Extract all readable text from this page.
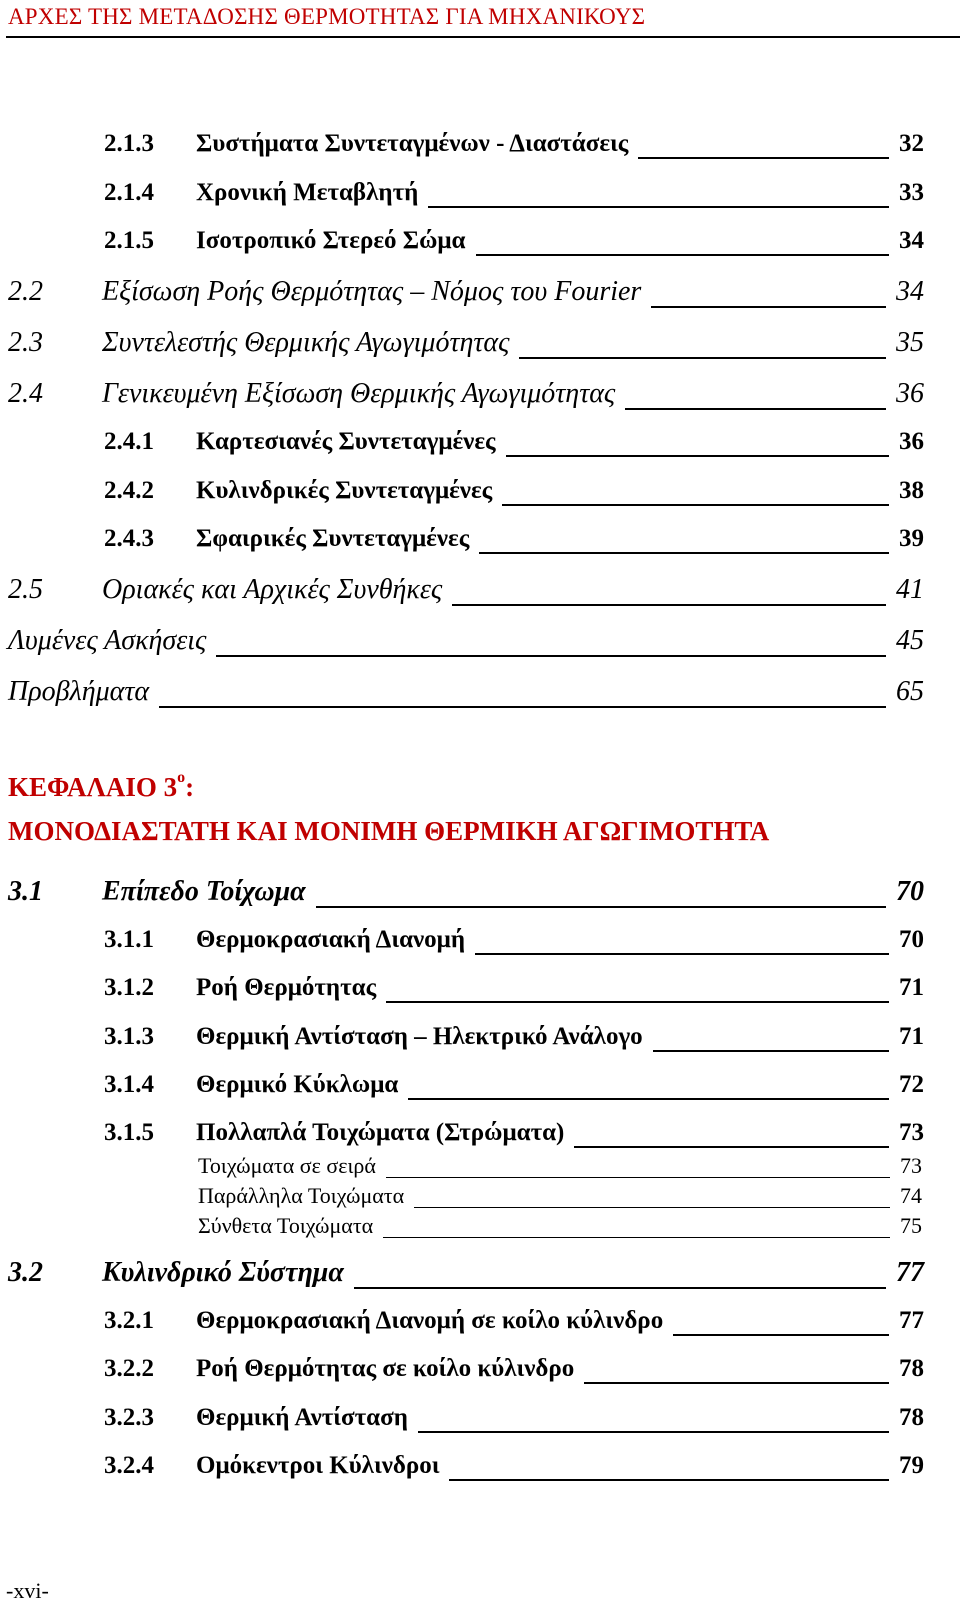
ΑΡΧΕΣ ΤΗΣ ΜΕΤΑΔΟΣΗΣ ΘΕΡΜΟΤΗΤΑΣ ΓΙΑ ΜΗΧΑΝΙΚΟΥΣ
2.1.3	Συστήματα Συντεταγμένων - Διαστάσεις	32
2.1.4	Χρονική Μεταβλητή	33
2.1.5	Ισοτροπικό Στερεό Σώμα	34
2.2	Εξίσωση Ροής Θερμότητας – Νόμος του Fourier	34
2.3	Συντελεστής Θερμικής Αγωγιμότητας	35
2.4	Γενικευμένη Εξίσωση Θερμικής Αγωγιμότητας	36
2.4.1	Καρτεσιανές Συντεταγμένες	36
2.4.2	Κυλινδρικές Συντεταγμένες	38
2.4.3	Σφαιρικές Συντεταγμένες	39
2.5	Οριακές και Αρχικές Συνθήκες	41
Λυμένες Ασκήσεις	45
Προβλήματα	65
ΚΕΦΑΛΑΙΟ $3^o$:
ΜΟΝΟΔΙΑΣΤΑΤΗ ΚΑΙ ΜΟΝΙΜΗ ΘΕΡΜΙΚΗ ΑΓΩΓΙΜΟΤΗΤΑ
3.1	Επίπεδο Τοίχωμα	70
3.1.1	Θερμοκρασιακή Διανομή	70
3.1.2	Ροή Θερμότητας	71
3.1.3	Θερμική Αντίσταση – Ηλεκτρικό Ανάλογο	71
3.1.4	Θερμικό Κύκλωμα	72
3.1.5	Πολλαπλά Τοιχώματα (Στρώματα)	73
Τοιχώματα σε σειρά	73
Παράλληλα Τοιχώματα	74
Σύνθετα Τοιχώματα	75
3.2	Κυλινδρικό Σύστημα	77
3.2.1	Θερμοκρασιακή Διανομή σε κοίλο κύλινδρο	77
3.2.2	Ροή Θερμότητας σε κοίλο κύλινδρο	78
3.2.3	Θερμική Αντίσταση	78
3.2.4	Ομόκεντροι Κύλινδροι	79
-xvi-
